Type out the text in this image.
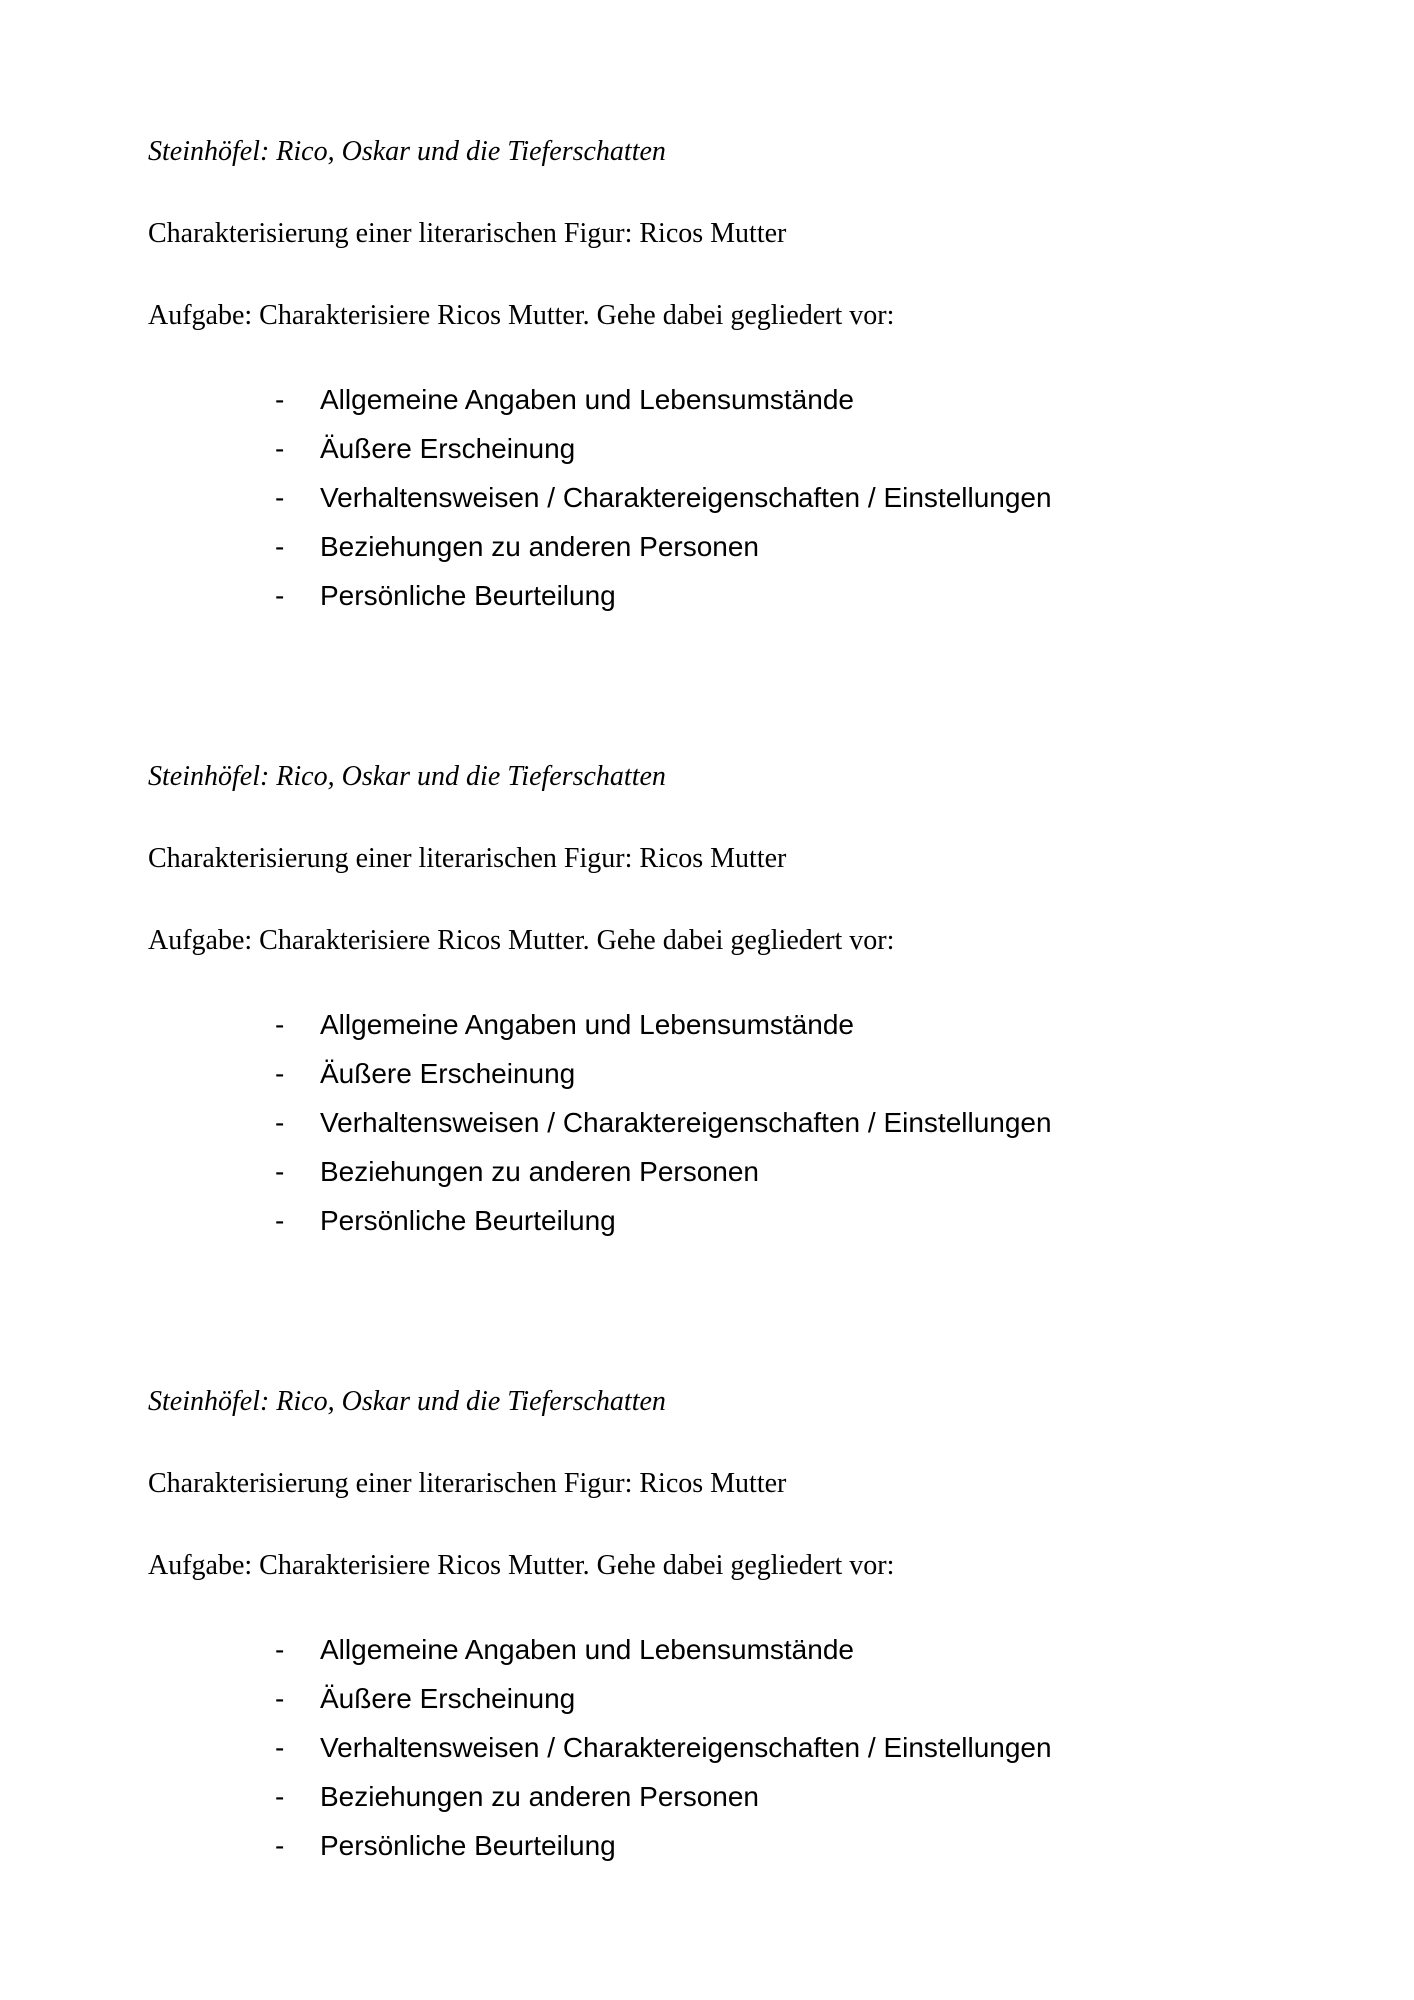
Steinhöfel: Rico, Oskar und die Tieferschatten

Charakterisierung einer literarischen Figur: Ricos Mutter

Aufgabe: Charakterisiere Ricos Mutter. Gehe dabei gegliedert vor:

- Allgemeine Angaben und Lebensumstände
- Äußere Erscheinung
- Verhaltensweisen / Charaktereigenschaften / Einstellungen
- Beziehungen zu anderen Personen
- Persönliche Beurteilung

Steinhöfel: Rico, Oskar und die Tieferschatten

Charakterisierung einer literarischen Figur: Ricos Mutter

Aufgabe: Charakterisiere Ricos Mutter. Gehe dabei gegliedert vor:

- Allgemeine Angaben und Lebensumstände
- Äußere Erscheinung
- Verhaltensweisen / Charaktereigenschaften / Einstellungen
- Beziehungen zu anderen Personen
- Persönliche Beurteilung

Steinhöfel: Rico, Oskar und die Tieferschatten

Charakterisierung einer literarischen Figur: Ricos Mutter

Aufgabe: Charakterisiere Ricos Mutter. Gehe dabei gegliedert vor:

- Allgemeine Angaben und Lebensumstände
- Äußere Erscheinung
- Verhaltensweisen / Charaktereigenschaften / Einstellungen
- Beziehungen zu anderen Personen
- Persönliche Beurteilung
